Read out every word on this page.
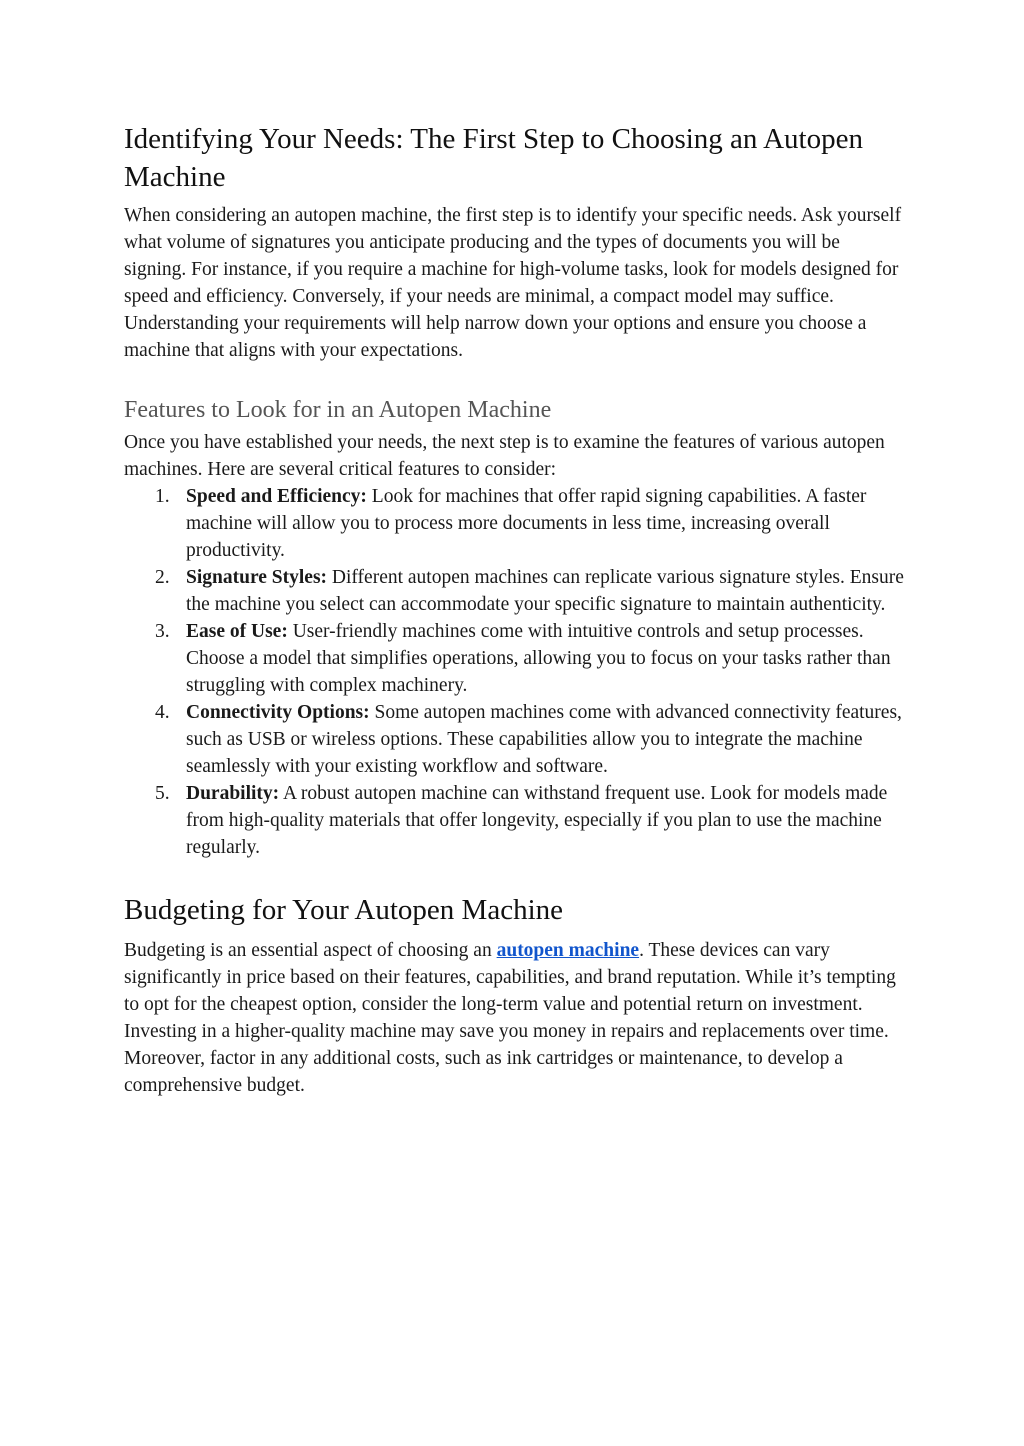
Identifying Your Needs: The First Step to Choosing an Autopen Machine

When considering an autopen machine, the first step is to identify your specific needs. Ask yourself what volume of signatures you anticipate producing and the types of documents you will be signing. For instance, if you require a machine for high-volume tasks, look for models designed for speed and efficiency. Conversely, if your needs are minimal, a compact model may suffice. Understanding your requirements will help narrow down your options and ensure you choose a machine that aligns with your expectations.

Features to Look for in an Autopen Machine

Once you have established your needs, the next step is to examine the features of various autopen machines. Here are several critical features to consider:

1. Speed and Efficiency: Look for machines that offer rapid signing capabilities. A faster machine will allow you to process more documents in less time, increasing overall productivity.
2. Signature Styles: Different autopen machines can replicate various signature styles. Ensure the machine you select can accommodate your specific signature to maintain authenticity.
3. Ease of Use: User-friendly machines come with intuitive controls and setup processes. Choose a model that simplifies operations, allowing you to focus on your tasks rather than struggling with complex machinery.
4. Connectivity Options: Some autopen machines come with advanced connectivity features, such as USB or wireless options. These capabilities allow you to integrate the machine seamlessly with your existing workflow and software.
5. Durability: A robust autopen machine can withstand frequent use. Look for models made from high-quality materials that offer longevity, especially if you plan to use the machine regularly.
Budgeting for Your Autopen Machine

Budgeting is an essential aspect of choosing an autopen machine. These devices can vary significantly in price based on their features, capabilities, and brand reputation. While it’s tempting to opt for the cheapest option, consider the long-term value and potential return on investment. Investing in a higher-quality machine may save you money in repairs and replacements over time. Moreover, factor in any additional costs, such as ink cartridges or maintenance, to develop a comprehensive budget.
